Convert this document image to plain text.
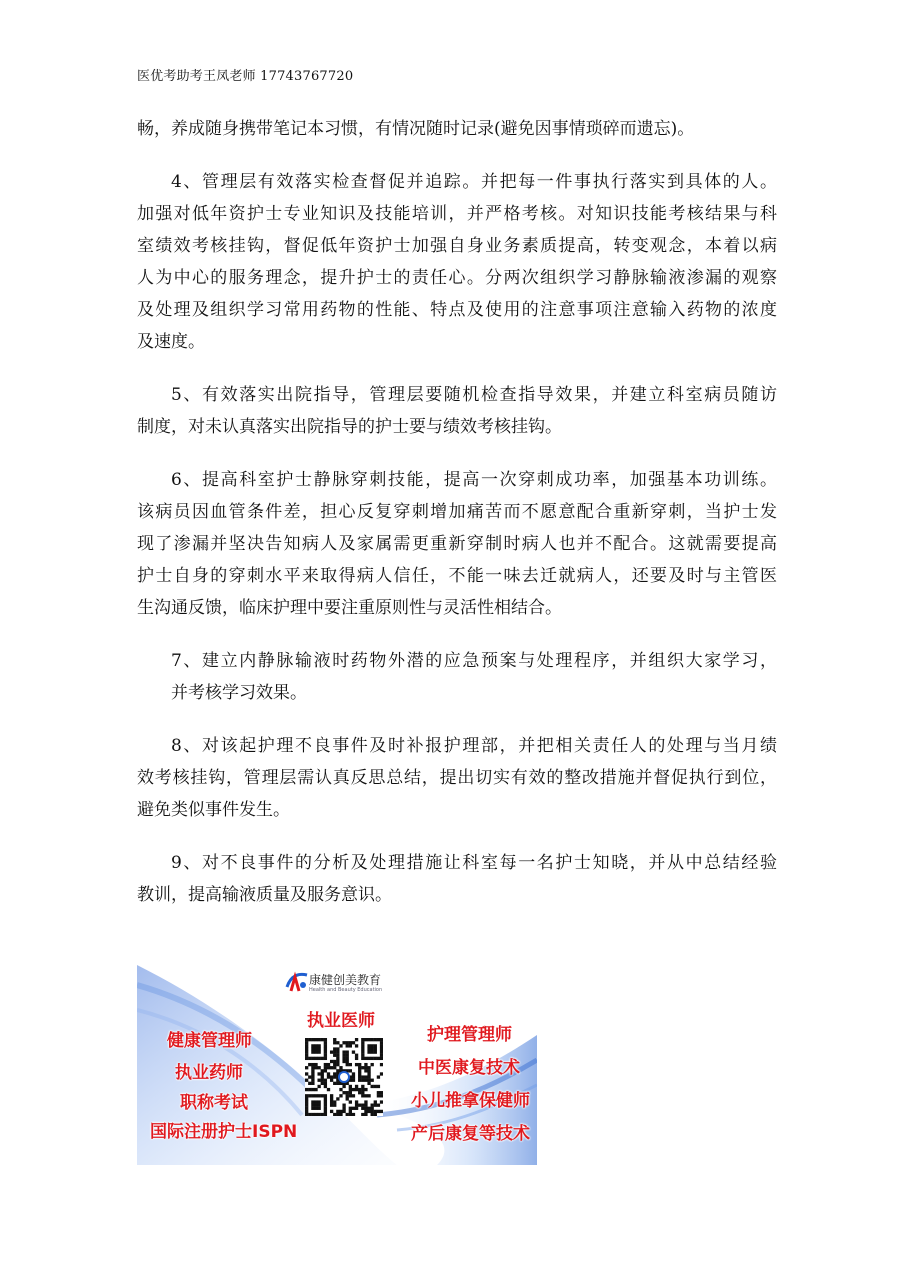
医优考助考王凤老师 17743767720
畅，养成随身携带笔记本习惯，有情况随时记录(避免因事情琐碎而遗忘)。
4、管理层有效落实检查督促并追踪。并把每一件事执行落实到具体的人。
加强对低年资护士专业知识及技能培训，并严格考核。对知识技能考核结果与科
室绩效考核挂钩，督促低年资护士加强自身业务素质提高，转变观念，本着以病
人为中心的服务理念，提升护士的责任心。分两次组织学习静脉输液渗漏的观察
及处理及组织学习常用药物的性能、特点及使用的注意事项注意输入药物的浓度
及速度。
5、有效落实出院指导，管理层要随机检查指导效果，并建立科室病员随访
制度，对未认真落实出院指导的护士要与绩效考核挂钩。
6、提高科室护士静脉穿刺技能，提高一次穿刺成功率，加强基本功训练。
该病员因血管条件差，担心反复穿刺增加痛苦而不愿意配合重新穿刺，当护士发
现了渗漏并坚决告知病人及家属需更重新穿制时病人也并不配合。这就需要提高
护士自身的穿刺水平来取得病人信任，不能一味去迁就病人，还要及时与主管医
生沟通反馈，临床护理中要注重原则性与灵活性相结合。
7、建立内静脉输液时药物外潜的应急预案与处理程序，并组织大家学习，
并考核学习效果。
8、对该起护理不良事件及时补报护理部，并把相关责任人的处理与当月绩
效考核挂钩，管理层需认真反思总结，提出切实有效的整改措施并督促执行到位，
避免类似事件发生。
9、对不良事件的分析及处理措施让科室每一名护士知晓，并从中总结经验
教训，提高输液质量及服务意识。
康健创美教育
Health and Beauty Education
健康管理师
执业药师
职称考试
国际注册护士ISPN
执业医师
护理管理师
中医康复技术
小儿推拿保健师
产后康复等技术
